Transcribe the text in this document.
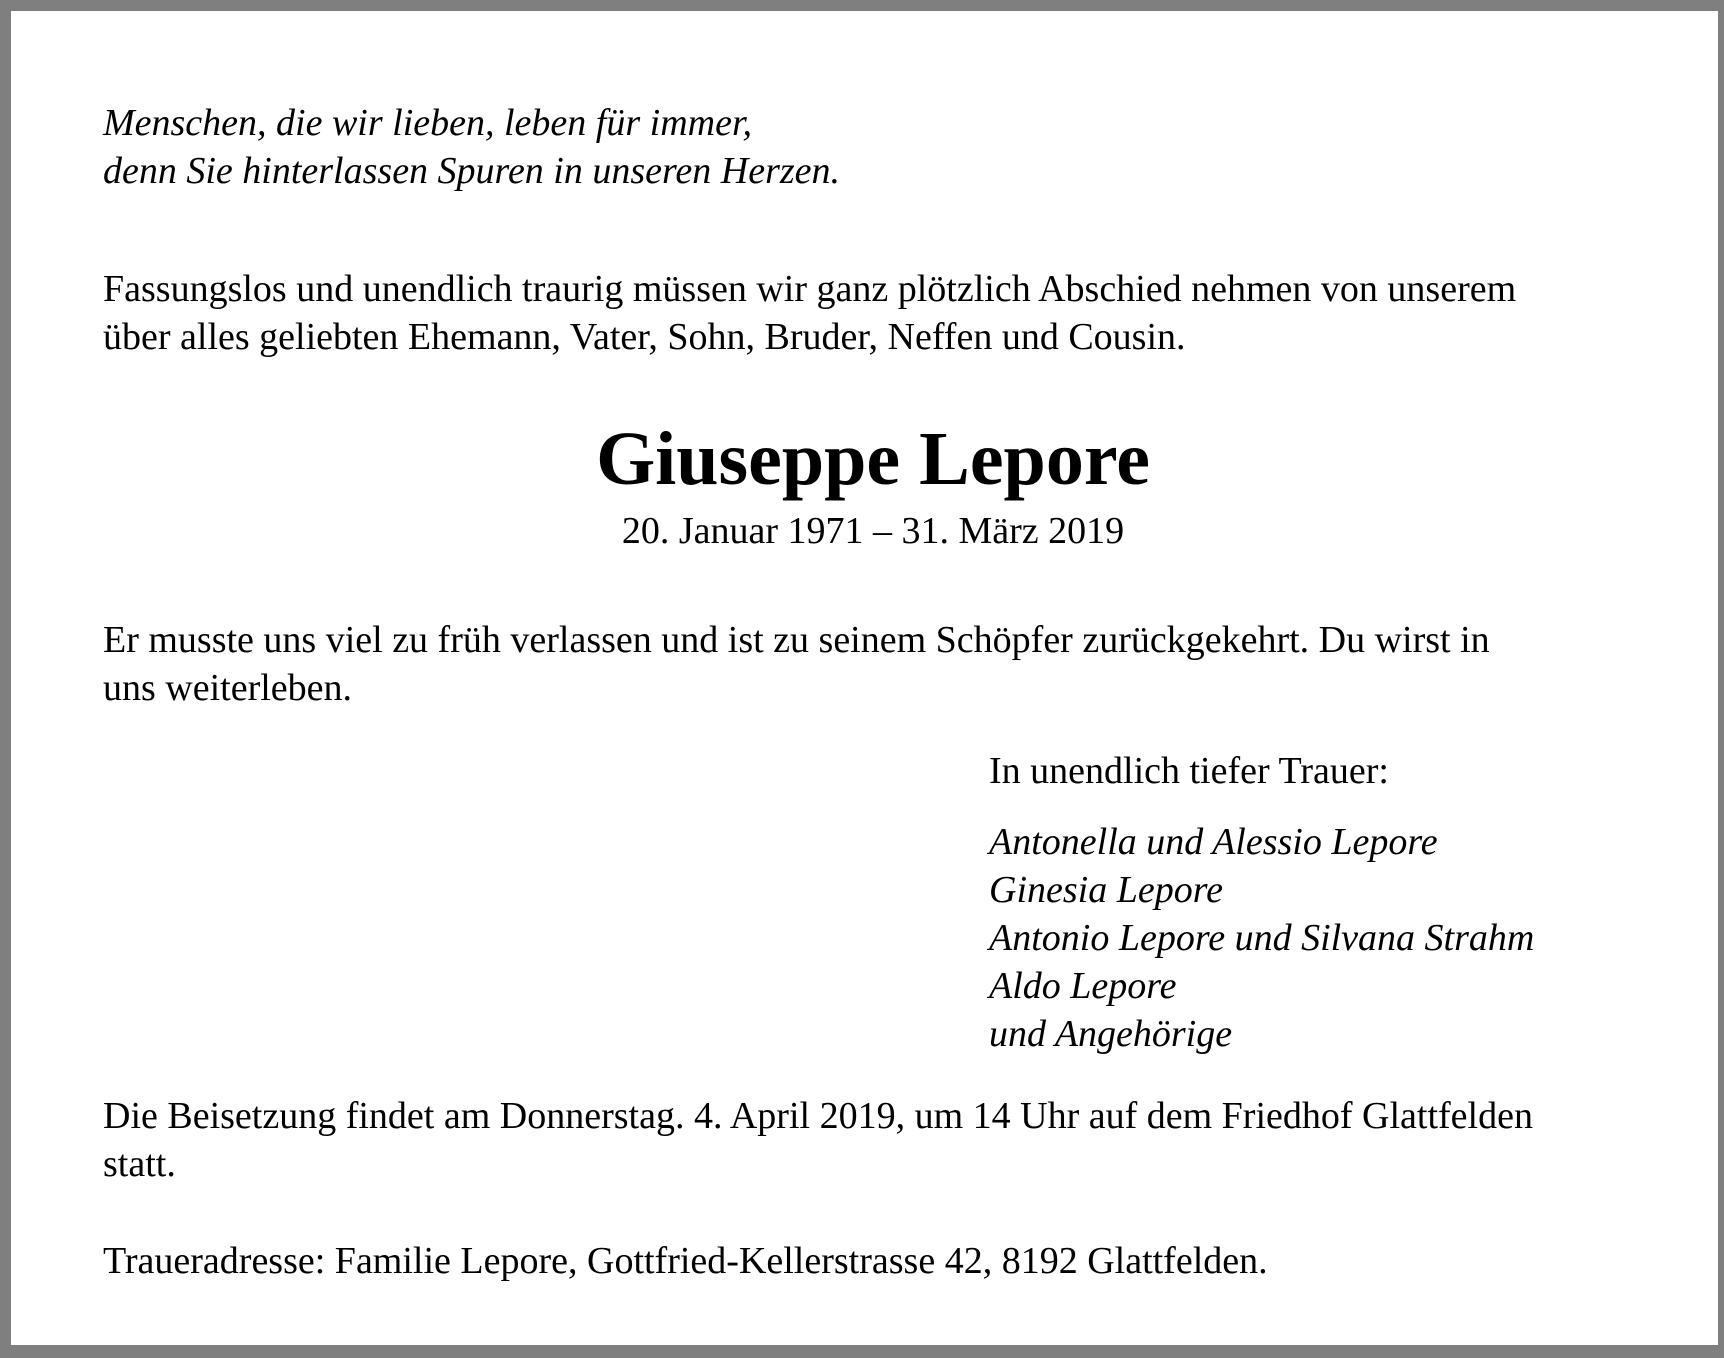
Menschen, die wir lieben, leben für immer,
denn Sie hinterlassen Spuren in unseren Herzen.

Fassungslos und unendlich traurig müssen wir ganz plötzlich Abschied nehmen von unserem
über alles geliebten Ehemann, Vater, Sohn, Bruder, Neffen und Cousin.

Giuseppe Lepore

20. Januar 1971 – 31. März 2019

Er musste uns viel zu früh verlassen und ist zu seinem Schöpfer zurückgekehrt. Du wirst in
uns weiterleben.

In unendlich tiefer Trauer:

Antonella und Alessio Lepore
Ginesia Lepore
Antonio Lepore und Silvana Strahm
Aldo Lepore
und Angehörige

Die Beisetzung findet am Donnerstag. 4. April 2019, um 14 Uhr auf dem Friedhof Glattfelden
statt.

Traueradresse: Familie Lepore, Gottfried-Kellerstrasse 42, 8192 Glattfelden.
